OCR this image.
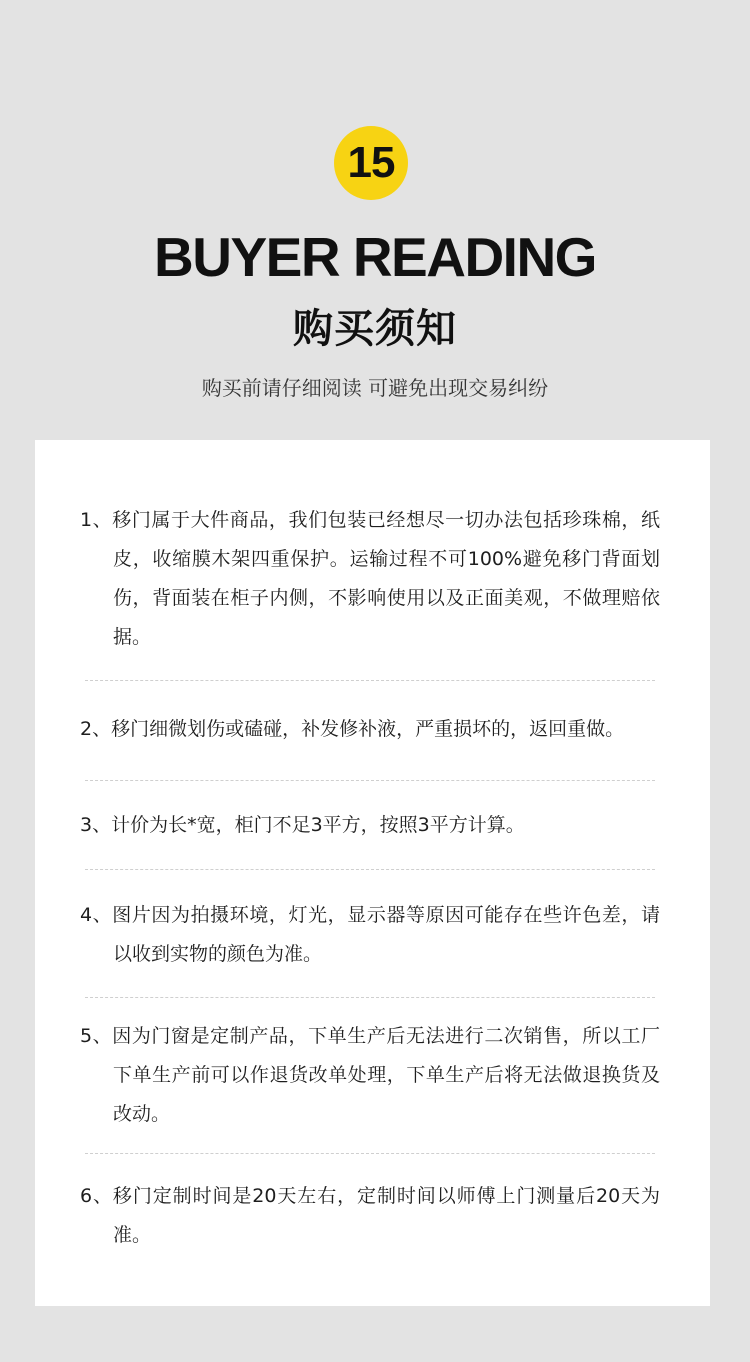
15
BUYER READING
购买须知
购买前请仔细阅读 可避免出现交易纠纷
1、移门属于大件商品，我们包装已经想尽一切办法包括珍珠棉，纸皮，收缩膜木架四重保护。运输过程不可100%避免移门背面划伤，背面装在柜子内侧，不影响使用以及正面美观，不做理赔依据。
2、移门细微划伤或磕碰，补发修补液，严重损坏的，返回重做。
3、计价为长*宽，柜门不足3平方，按照3平方计算。
4、图片因为拍摄环境，灯光，显示器等原因可能存在些许色差，请以收到实物的颜色为准。
5、因为门窗是定制产品，下单生产后无法进行二次销售，所以工厂下单生产前可以作退货改单处理，下单生产后将无法做退换货及改动。
6、移门定制时间是20天左右，定制时间以师傅上门测量后20天为准。
